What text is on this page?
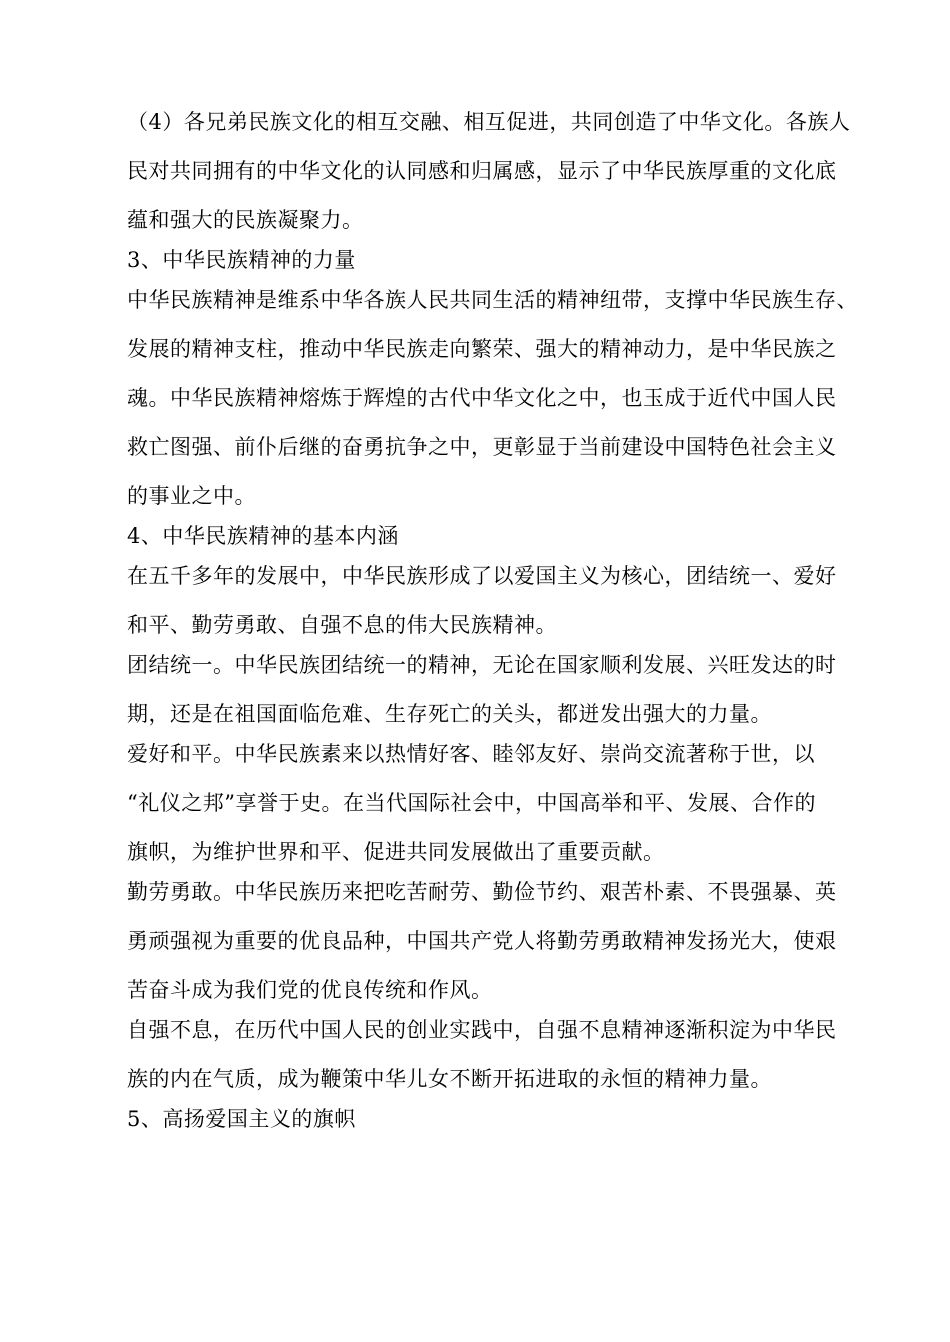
（4）各兄弟民族文化的相互交融、相互促进，共同创造了中华文化。各族人

民对共同拥有的中华文化的认同感和归属感，显示了中华民族厚重的文化底

蕴和强大的民族凝聚力。

3、中华民族精神的力量

中华民族精神是维系中华各族人民共同生活的精神纽带，支撑中华民族生存、

发展的精神支柱，推动中华民族走向繁荣、强大的精神动力，是中华民族之

魂。中华民族精神熔炼于辉煌的古代中华文化之中，也玉成于近代中国人民

救亡图强、前仆后继的奋勇抗争之中，更彰显于当前建设中国特色社会主义

的事业之中。

4、中华民族精神的基本内涵

在五千多年的发展中，中华民族形成了以爱国主义为核心，团结统一、爱好

和平、勤劳勇敢、自强不息的伟大民族精神。

团结统一。中华民族团结统一的精神，无论在国家顺利发展、兴旺发达的时

期，还是在祖国面临危难、生存死亡的关头，都迸发出强大的力量。

爱好和平。中华民族素来以热情好客、睦邻友好、崇尚交流著称于世，以

“礼仪之邦”享誉于史。在当代国际社会中，中国高举和平、发展、合作的

旗帜，为维护世界和平、促进共同发展做出了重要贡献。

勤劳勇敢。中华民族历来把吃苦耐劳、勤俭节约、艰苦朴素、不畏强暴、英

勇顽强视为重要的优良品种，中国共产党人将勤劳勇敢精神发扬光大，使艰

苦奋斗成为我们党的优良传统和作风。

自强不息，在历代中国人民的创业实践中，自强不息精神逐渐积淀为中华民

族的内在气质，成为鞭策中华儿女不断开拓进取的永恒的精神力量。

5、高扬爱国主义的旗帜
